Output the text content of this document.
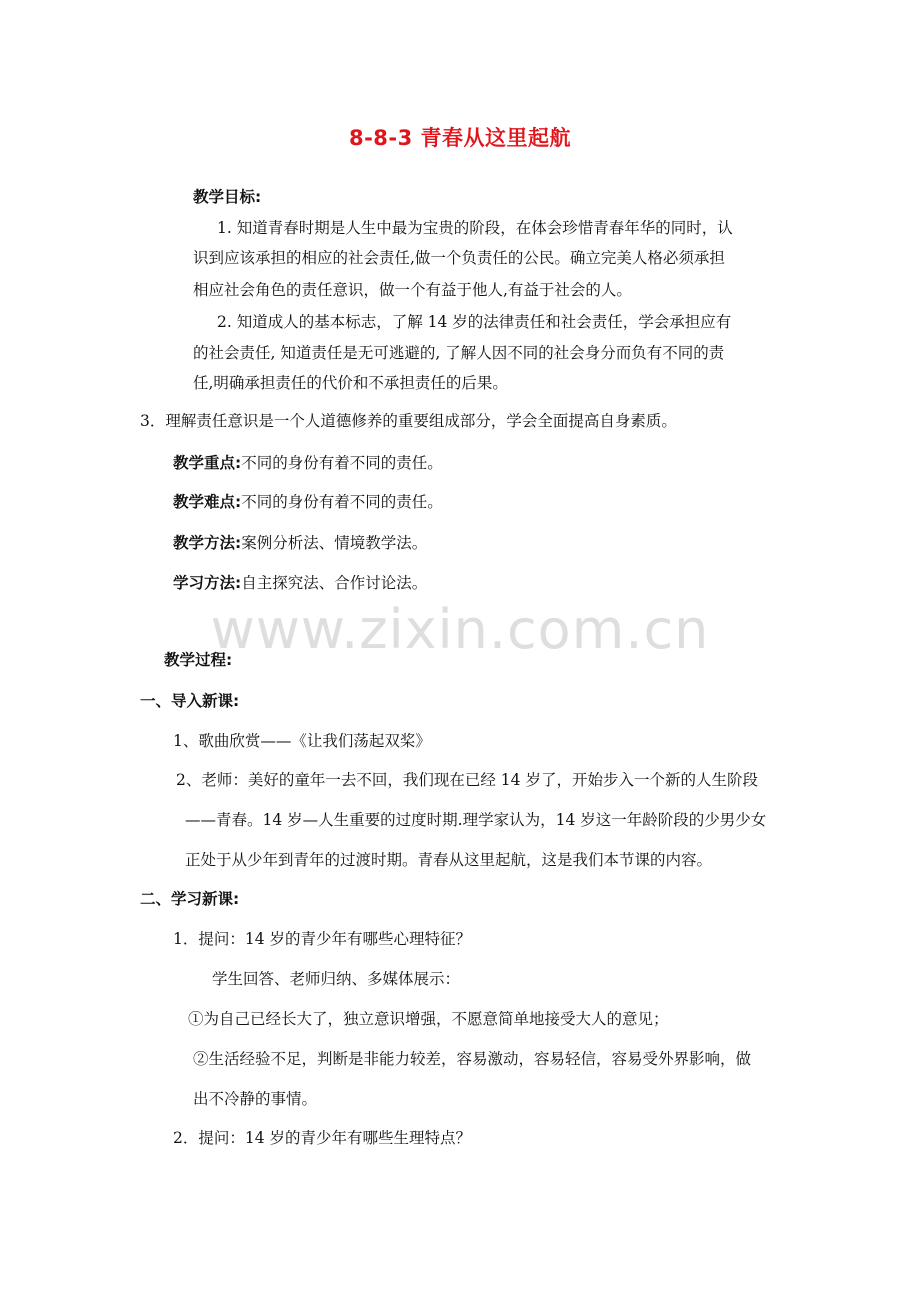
8-8-3 青春从这里起航
教学目标:
1. 知道青春时期是人生中最为宝贵的阶段，在体会珍惜青春年华的同时，认
识到应该承担的相应的社会责任,做一个负责任的公民。确立完美人格必须承担
相应社会角色的责任意识，做一个有益于他人,有益于社会的人。
2. 知道成人的基本标志，了解 14 岁的法律责任和社会责任，学会承担应有
的社会责任, 知道责任是无可逃避的, 了解人因不同的社会身分而负有不同的责
任,明确承担责任的代价和不承担责任的后果。
3．理解责任意识是一个人道德修养的重要组成部分，学会全面提高自身素质。
教学重点:不同的身份有着不同的责任。
教学难点:不同的身份有着不同的责任。
教学方法:案例分析法、情境教学法。
学习方法:自主探究法、合作讨论法。
www.zixin.com.cn
教学过程:
一、导入新课:
1、歌曲欣赏——《让我们荡起双桨》
2、老师：美好的童年一去不回，我们现在已经 14 岁了，开始步入一个新的人生阶段
——青春。14 岁—人生重要的过度时期.理学家认为，14 岁这一年龄阶段的少男少女
正处于从少年到青年的过渡时期。青春从这里起航，这是我们本节课的内容。
二、学习新课:
1．提问：14 岁的青少年有哪些心理特征？
学生回答、老师归纳、多媒体展示：
①为自己已经长大了，独立意识增强，不愿意简单地接受大人的意见；
②生活经验不足，判断是非能力较差，容易激动，容易轻信，容易受外界影响，做
出不冷静的事情。
2．提问：14 岁的青少年有哪些生理特点？
